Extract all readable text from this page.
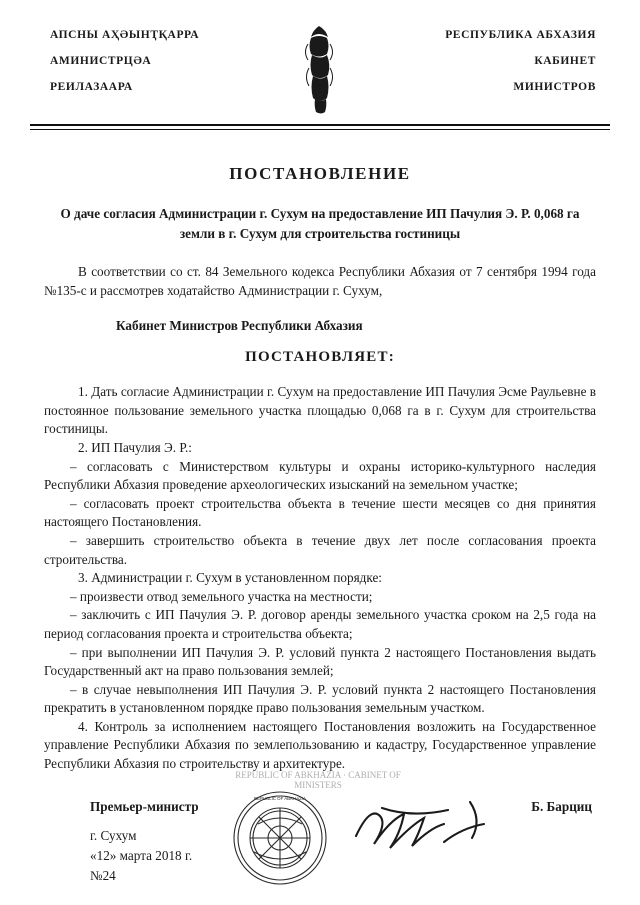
АПСНЫ АҲӘЫНҬҚАРРА
АМИНИСТРЦӘА
РЕИЛАЗААРА
РЕСПУБЛИКА АБХАЗИЯ
КАБИНЕТ
МИНИСТРОВ
ПОСТАНОВЛЕНИЕ
О даче согласия Администрации г. Сухум на предоставление ИП Пачулия Э. Р. 0,068 га земли в г. Сухум для строительства гостиницы

В соответствии со ст. 84 Земельного кодекса Республики Абхазия от 7 сентября 1994 года №135-с и рассмотрев ходатайство Администрации г. Сухум,

Кабинет Министров Республики Абхазия
ПОСТАНОВЛЯЕТ:

1. Дать согласие Администрации г. Сухум на предоставление ИП Пачулия Эсме Раульевне в постоянное пользование земельного участка площадью 0,068 га в г. Сухум для строительства гостиницы.

2. ИП Пачулия Э. Р.:

– согласовать с Министерством культуры и охраны историко-культурного наследия Республики Абхазия проведение археологических изысканий на земельном участке;

– согласовать проект строительства объекта в течение шести месяцев со дня принятия настоящего Постановления.

– завершить строительство объекта в течение двух лет после согласования проекта строительства.

3. Администрации г. Сухум в установленном порядке:

– произвести отвод земельного участка на местности;

– заключить с ИП Пачулия Э. Р. договор аренды земельного участка сроком на 2,5 года на период согласования проекта и строительства объекта;

– при выполнении ИП Пачулия Э. Р. условий пункта 2 настоящего Постановления выдать Государственный акт на право пользования землей;

– в случае невыполнения ИП Пачулия Э. Р. условий пункта 2 настоящего Постановления прекратить в установленном порядке право пользования земельным участком.

4. Контроль за исполнением настоящего Постановления возложить на Государственное управление Республики Абхазия по землепользованию и кадастру, Государственное управление Республики Абхазия по строительству и архитектуре.

Премьер-министр	Б. Барциц
г. Сухум
«12» марта 2018 г.
№24
REPUBLIC OF ABKHAZIA
REPUBLIC OF ABKHAZIA · CABINET OF MINISTERS
